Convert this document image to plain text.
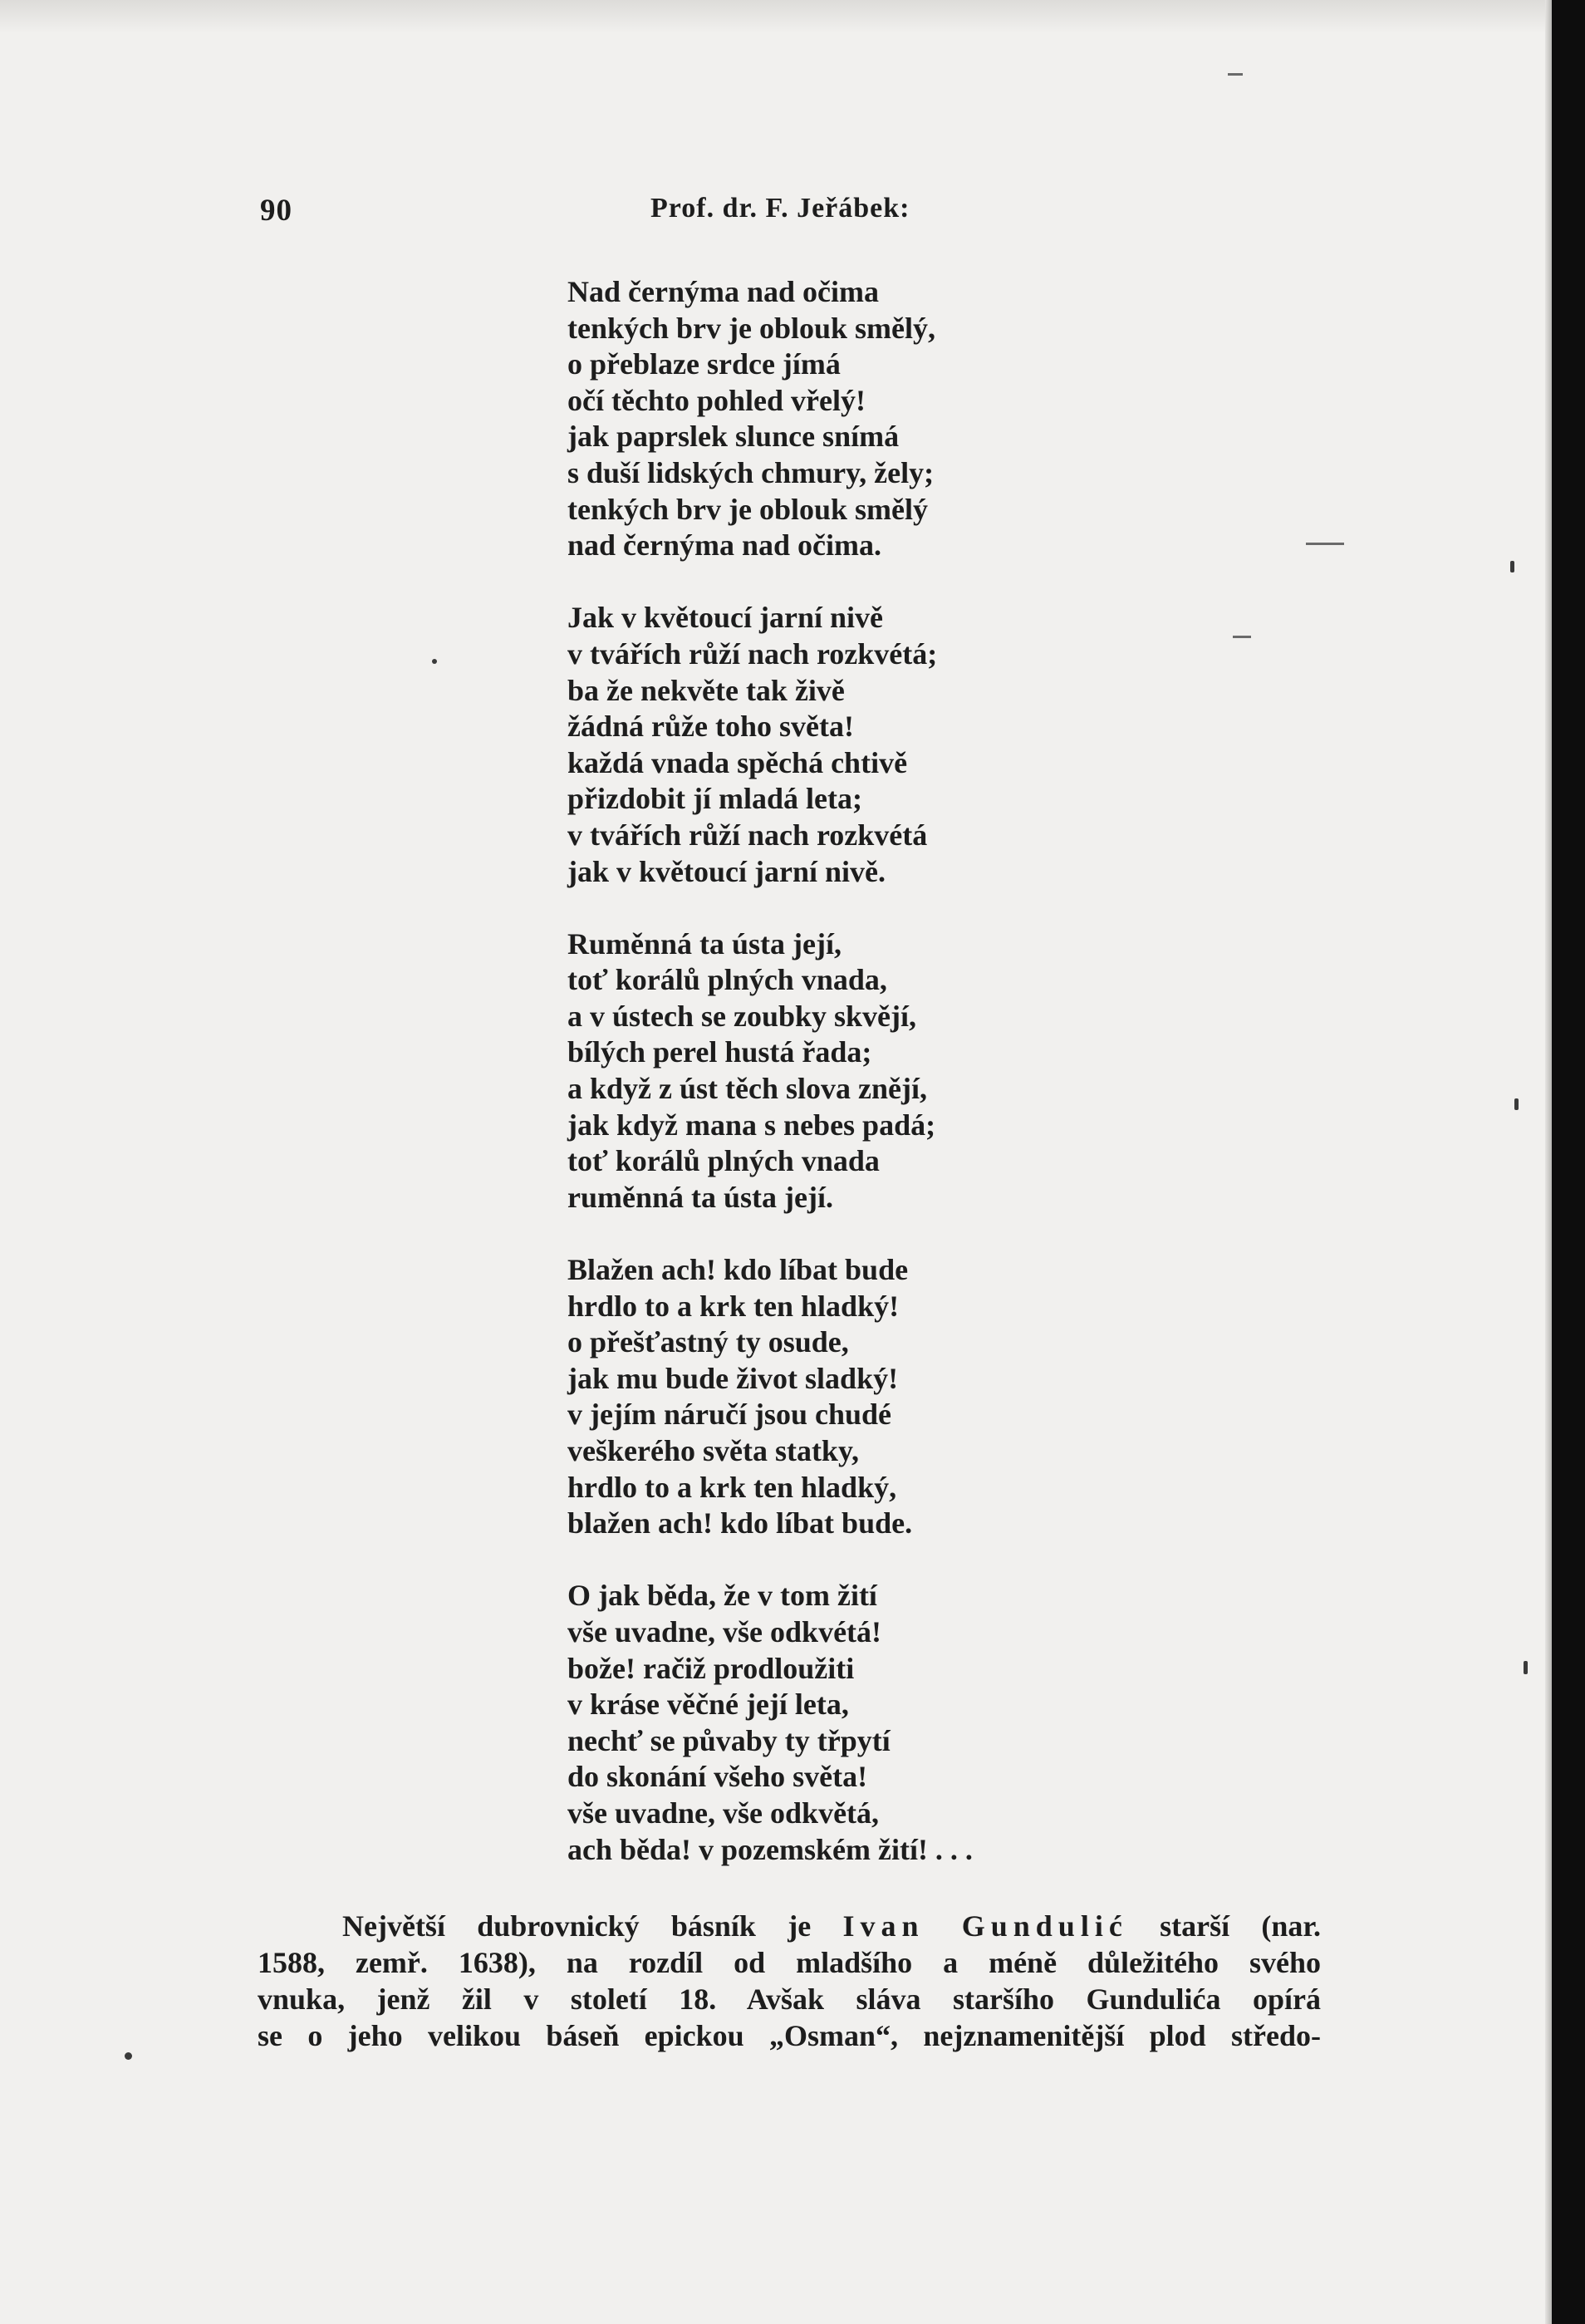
90	Prof. dr. F. Jeřábek:
Nad černýma nad očima
tenkých brv je oblouk smělý,
o přeblaze srdce jímá
očí těchto pohled vřelý!
jak paprslek slunce snímá
s duší lidských chmury, žely;
tenkých brv je oblouk smělý
nad černýma nad očima.
Jak v květoucí jarní nivě
v tvářích růží nach rozkvétá;
ba že nekvěte tak živě
žádná růže toho světa!
každá vnada spěchá chtivě
přizdobit jí mladá leta;
v tvářích růží nach rozkvétá
jak v květoucí jarní nivě.
Ruměnná ta ústa její,
toť korálů plných vnada,
a v ústech se zoubky skvějí,
bílých perel hustá řada;
a když z úst těch slova znějí,
jak když mana s nebes padá;
toť korálů plných vnada
ruměnná ta ústa její.
Blažen ach! kdo líbat bude
hrdlo to a krk ten hladký!
o přešťastný ty osude,
jak mu bude život sladký!
v jejím náručí jsou chudé
veškerého světa statky,
hrdlo to a krk ten hladký,
blažen ach! kdo líbat bude.
O jak běda, že v tom žití
vše uvadne, vše odkvétá!
bože! račiž prodloužiti
v kráse věčné její leta,
nechť se půvaby ty třpytí
do skonání všeho světa!
vše uvadne, vše odkvětá,
ach běda! v pozemském žití! . . .
Největší dubrovnický básník je Ivan Gundulić starší (nar.
1588, zemř. 1638), na rozdíl od mladšího a méně důležitého svého
vnuka, jenž žil v století 18. Avšak sláva staršího Gundulića opírá
se o jeho velikou báseň epickou „Osman“, nejznamenitější plod středo-
